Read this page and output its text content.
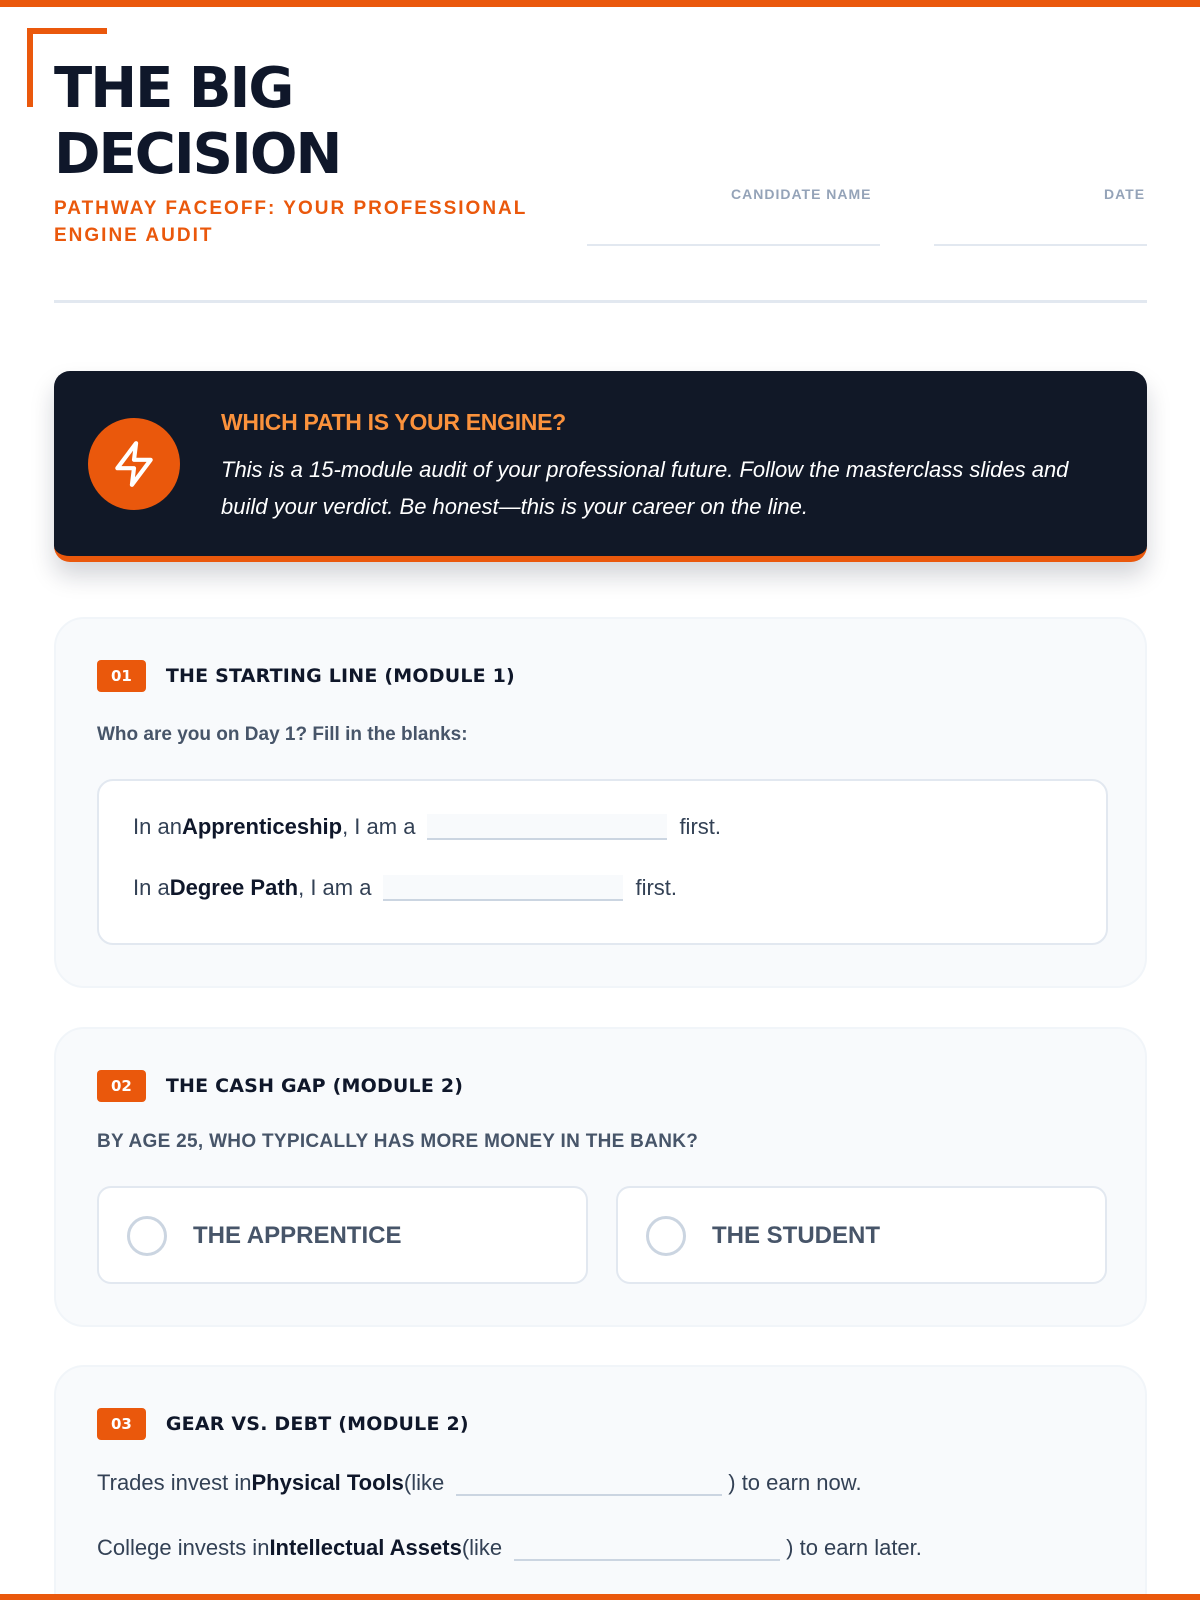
THE BIG DECISION
PATHWAY FACEOFF: YOUR PROFESSIONAL ENGINE AUDIT
CANDIDATE NAME	DATE
WHICH PATH IS YOUR ENGINE?
This is a 15-module audit of your professional future. Follow the masterclass slides and build your verdict. Be honest—this is your career on the line.
01	THE STARTING LINE (MODULE 1)
Who are you on Day 1? Fill in the blanks:
In an Apprenticeship , I am a	first.
In a Degree Path , I am a	first.
02	THE CASH GAP (MODULE 2)
BY AGE 25, WHO TYPICALLY HAS MORE MONEY IN THE BANK?
THE APPRENTICE	THE STUDENT
03	GEAR VS. DEBT (MODULE 2)
Trades invest in Physical Tools (like	) to earn now.
College invests in Intellectual Assets (like	) to earn later.
